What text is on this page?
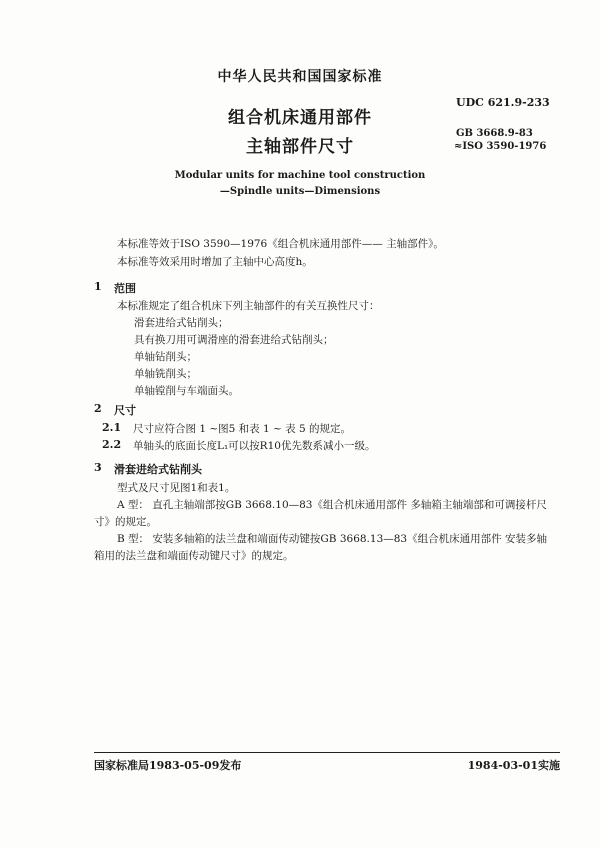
中华人民共和国国家标准
组合机床通用部件
主轴部件尺寸
UDC 621.9-233
GB 3668.9-83
≈ISO 3590-1976
Modular units for machine tool construction
—Spindle units—Dimensions
本标准等效于ISO 3590—1976《组合机床通用部件—— 主轴部件》。
本标准等效采用时增加了主轴中心高度h。
1 范围
本标准规定了组合机床下列主轴部件的有关互换性尺寸：
滑套进给式钻削头；
具有换刀用可调滑座的滑套进给式钻削头；
单轴钻削头；
单轴铣削头；
单轴镗削与车端面头。
2 尺寸
2.1 尺寸应符合图 1 ~图5 和表 1 ~ 表 5 的规定。
2.2 单轴头的底面长度L₁可以按R10优先数系减小一级。
3 滑套进给式钻削头
型式及尺寸见图1和表1。
A 型： 直孔主轴端部按GB 3668.10—83《组合机床通用部件 多轴箱主轴端部和可调接杆尺
寸》的规定。
B 型： 安装多轴箱的法兰盘和端面传动键按GB 3668.13—83《组合机床通用部件 安装多轴
箱用的法兰盘和端面传动键尺寸》的规定。
国家标准局1983-05-09发布	1984-03-01实施
